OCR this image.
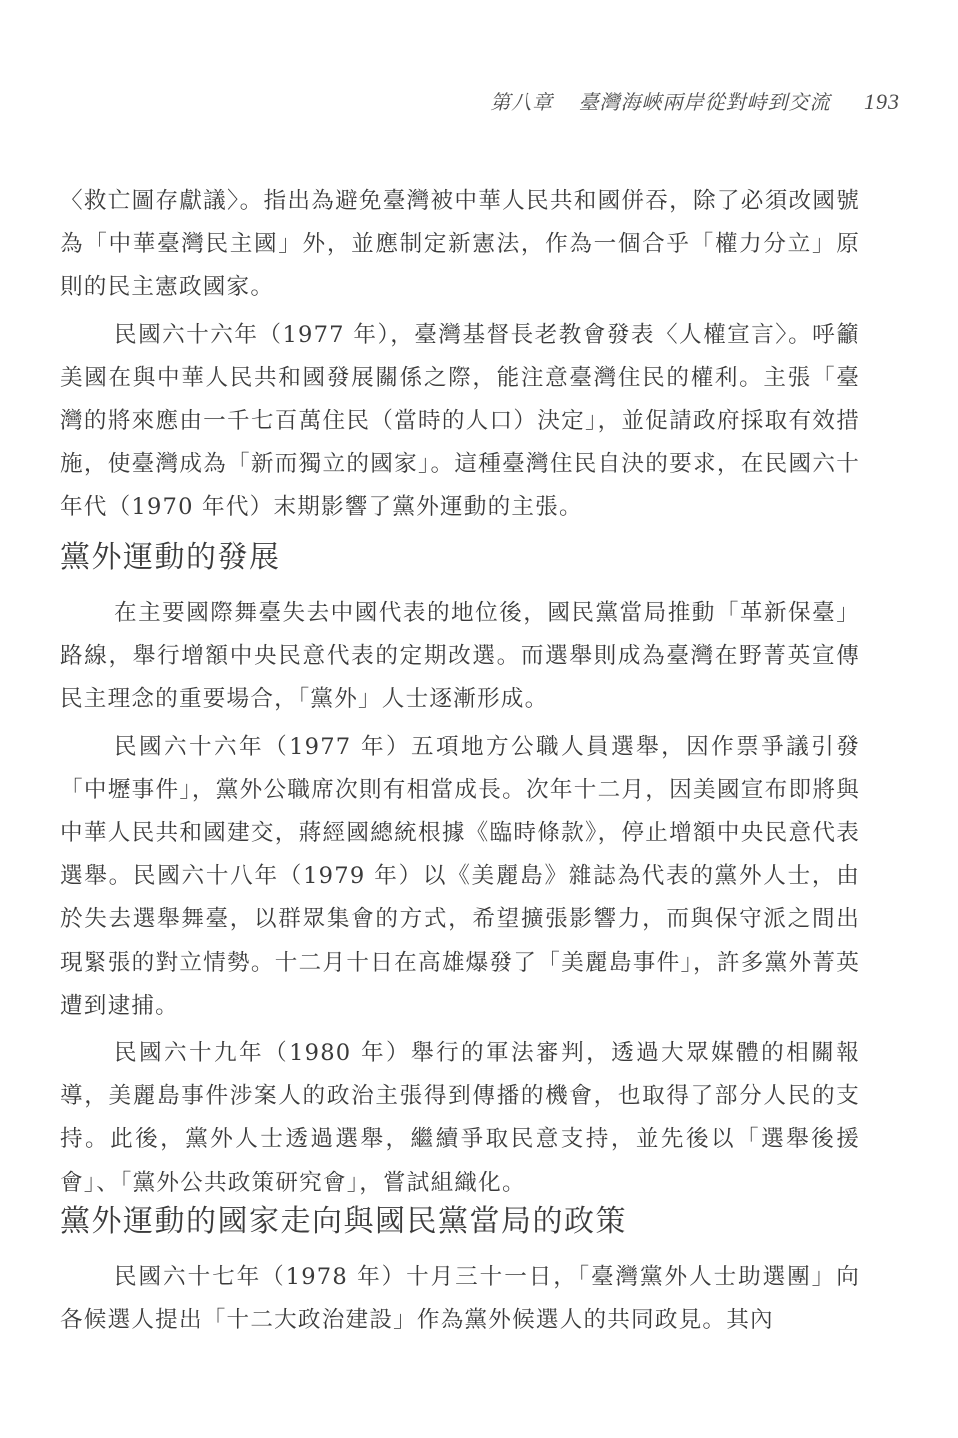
第八章 臺灣海峽兩岸從對峙到交流 193

〈救亡圖存獻議〉。指出為避免臺灣被中華人民共和國併吞，除了必須改國號為「中華臺灣民主國」外，並應制定新憲法，作為一個合乎「權力分立」原則的民主憲政國家。

民國六十六年（1977 年），臺灣基督長老教會發表〈人權宣言〉。呼籲美國在與中華人民共和國發展關係之際，能注意臺灣住民的權利。主張「臺灣的將來應由一千七百萬住民（當時的人口）決定」，並促請政府採取有效措施，使臺灣成為「新而獨立的國家」。這種臺灣住民自決的要求，在民國六十年代（1970 年代）末期影響了黨外運動的主張。

黨外運動的發展

在主要國際舞臺失去中國代表的地位後，國民黨當局推動「革新保臺」路線，舉行增額中央民意代表的定期改選。而選舉則成為臺灣在野菁英宣傳民主理念的重要場合，「黨外」人士逐漸形成。

民國六十六年（1977 年）五項地方公職人員選舉，因作票爭議引發「中壢事件」，黨外公職席次則有相當成長。次年十二月，因美國宣布即將與中華人民共和國建交，蔣經國總統根據《臨時條款》，停止增額中央民意代表選舉。民國六十八年（1979 年）以《美麗島》雜誌為代表的黨外人士，由於失去選舉舞臺，以群眾集會的方式，希望擴張影響力，而與保守派之間出現緊張的對立情勢。十二月十日在高雄爆發了「美麗島事件」，許多黨外菁英遭到逮捕。

民國六十九年（1980 年）舉行的軍法審判，透過大眾媒體的相關報導，美麗島事件涉案人的政治主張得到傳播的機會，也取得了部分人民的支持。此後，黨外人士透過選舉，繼續爭取民意支持，並先後以「選舉後援會」、「黨外公共政策研究會」，嘗試組織化。

黨外運動的國家走向與國民黨當局的政策

民國六十七年（1978 年）十月三十一日，「臺灣黨外人士助選團」向各候選人提出「十二大政治建設」作為黨外候選人的共同政見。其內
